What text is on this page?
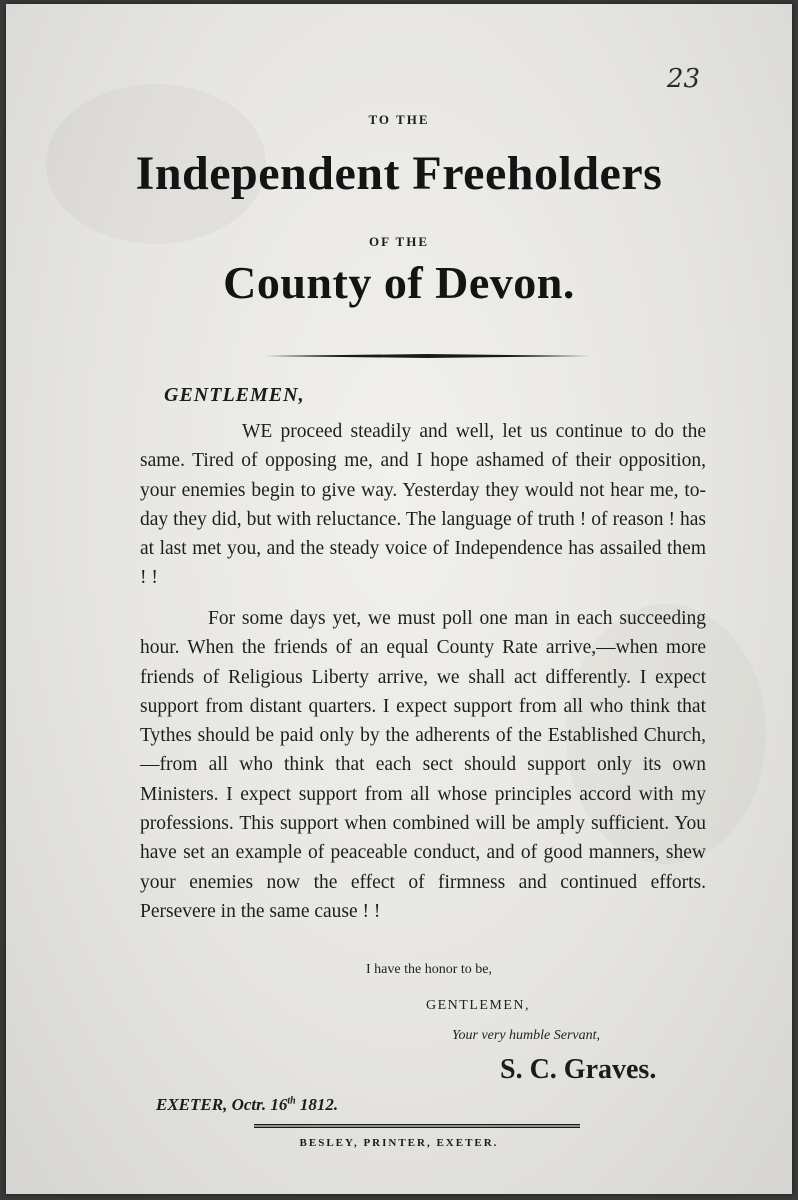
23

TO THE

Independent Freeholders

OF THE

County of Devon.

GENTLEMEN,

WE proceed steadily and well, let us continue to do the same. Tired of opposing me, and I hope ashamed of their opposition, your enemies begin to give way. Yesterday they would not hear me, to-day they did, but with reluctance. The language of truth ! of reason ! has at last met you, and the steady voice of Independence has assailed them ! !

For some days yet, we must poll one man in each succeeding hour. When the friends of an equal County Rate arrive,—when more friends of Religious Liberty arrive, we shall act differently. I expect support from distant quarters. I expect support from all who think that Tythes should be paid only by the adherents of the Established Church,—from all who think that each sect should support only its own Ministers. I expect support from all whose principles accord with my professions. This support when combined will be amply sufficient. You have set an example of peaceable conduct, and of good manners, shew your enemies now the effect of firmness and continued efforts. Persevere in the same cause ! !

I have the honor to be,

GENTLEMEN,

Your very humble Servant,

S. C. Graves.

EXETER, Octr. 16th 1812.

BESLEY, PRINTER, EXETER.
